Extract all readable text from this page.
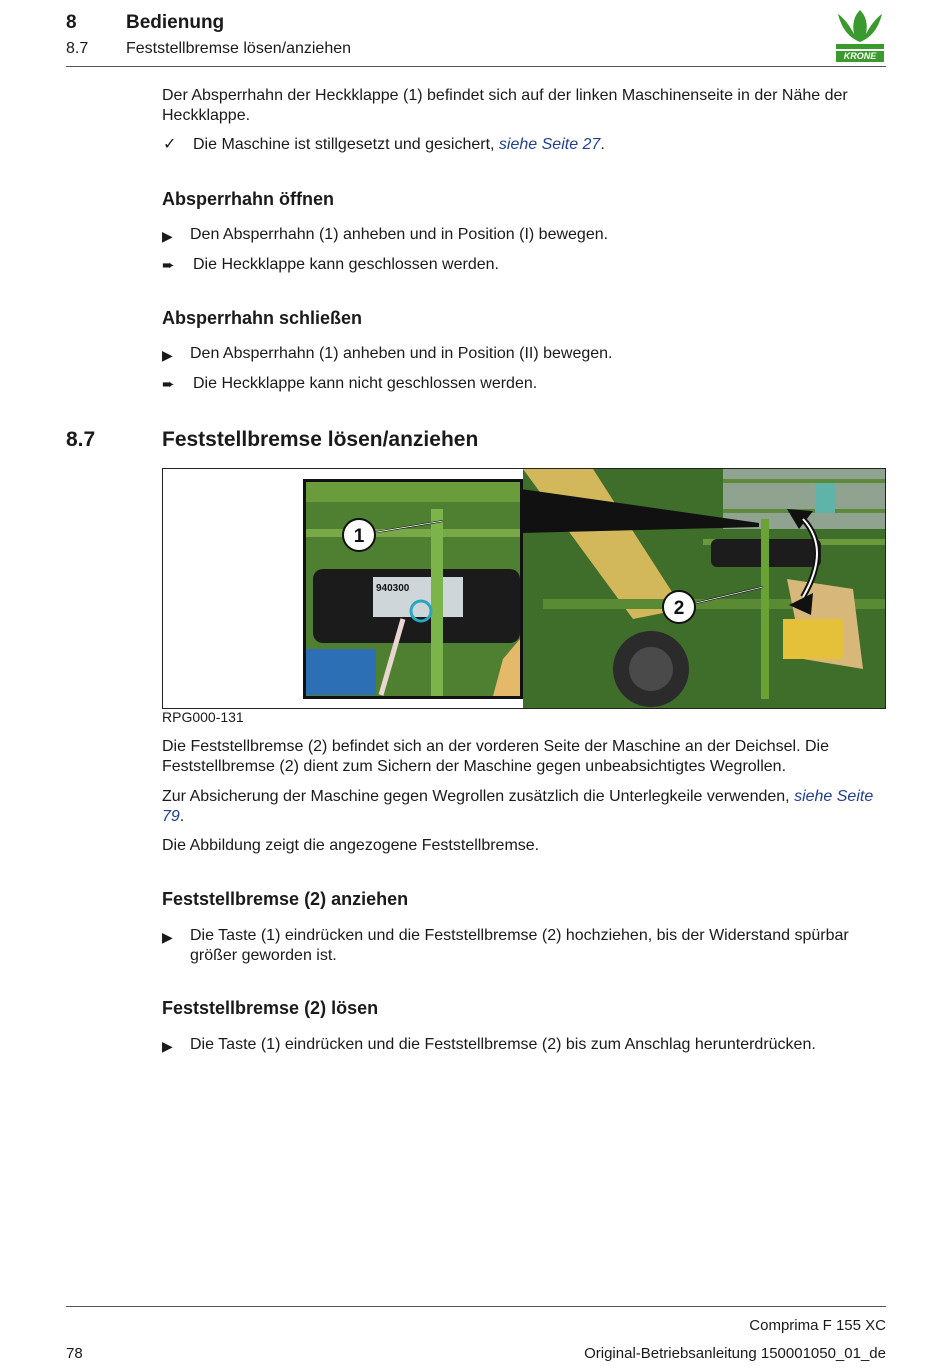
8	Bedienung
8.7 Feststellbremse lösen/anziehen	KRONE
Der Absperrhahn der Heckklappe (1) befindet sich auf der linken Maschinenseite in der Nähe der Heckklappe.
✓ Die Maschine ist stillgesetzt und gesichert, siehe Seite 27.
Absperrhahn öffnen
▶ Den Absperrhahn (1) anheben und in Position (I) bewegen.
➨ Die Heckklappe kann geschlossen werden.
Absperrhahn schließen
▶ Den Absperrhahn (1) anheben und in Position (II) bewegen.
➨ Die Heckklappe kann nicht geschlossen werden.
8.7	Feststellbremse lösen/anziehen
940300
1
2
RPG000-131
Die Feststellbremse (2) befindet sich an der vorderen Seite der Maschine an der Deichsel. Die Feststellbremse (2) dient zum Sichern der Maschine gegen unbeabsichtigtes Wegrollen.
Zur Absicherung der Maschine gegen Wegrollen zusätzlich die Unterlegkeile verwenden, siehe Seite 79.
Die Abbildung zeigt die angezogene Feststellbremse.
Feststellbremse (2) anziehen
▶ Die Taste (1) eindrücken und die Feststellbremse (2) hochziehen, bis der Widerstand spürbar größer geworden ist.
Feststellbremse (2) lösen
▶ Die Taste (1) eindrücken und die Feststellbremse (2) bis zum Anschlag herunterdrücken.
Comprima F 155 XC
78	Original-Betriebsanleitung 150001050_01_de
